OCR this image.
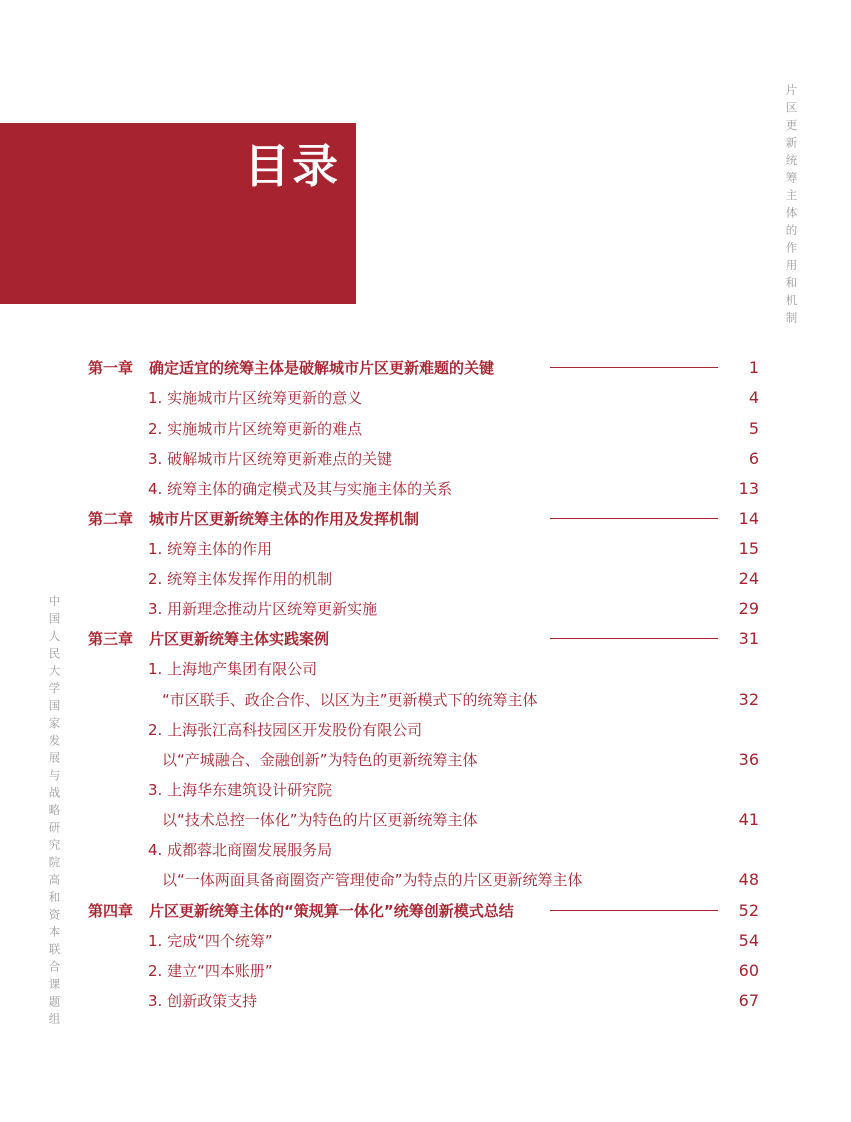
目录	片区更新统筹主体的作用和机制
中国人民大学国家发展与战略研究院高和资本联合课题组
第一章 确定适宜的统筹主体是破解城市片区更新难题的关键	1
1. 实施城市片区统筹更新的意义	4
2. 实施城市片区统筹更新的难点	5
3. 破解城市片区统筹更新难点的关键	6
4. 统筹主体的确定模式及其与实施主体的关系	13
第二章 城市片区更新统筹主体的作用及发挥机制	14
1. 统筹主体的作用	15
2. 统筹主体发挥作用的机制	24
3. 用新理念推动片区统筹更新实施	29
第三章 片区更新统筹主体实践案例	31
1. 上海地产集团有限公司
“市区联手、政企合作、以区为主”更新模式下的统筹主体	32
2. 上海张江高科技园区开发股份有限公司
以“产城融合、金融创新”为特色的更新统筹主体	36
3. 上海华东建筑设计研究院
以“技术总控一体化”为特色的片区更新统筹主体	41
4. 成都蓉北商圈发展服务局
以“一体两面具备商圈资产管理使命”为特点的片区更新统筹主体	48
第四章 片区更新统筹主体的“策规算一体化”统筹创新模式总结	52
1. 完成“四个统筹”	54
2. 建立“四本账册”	60
3. 创新政策支持	67
